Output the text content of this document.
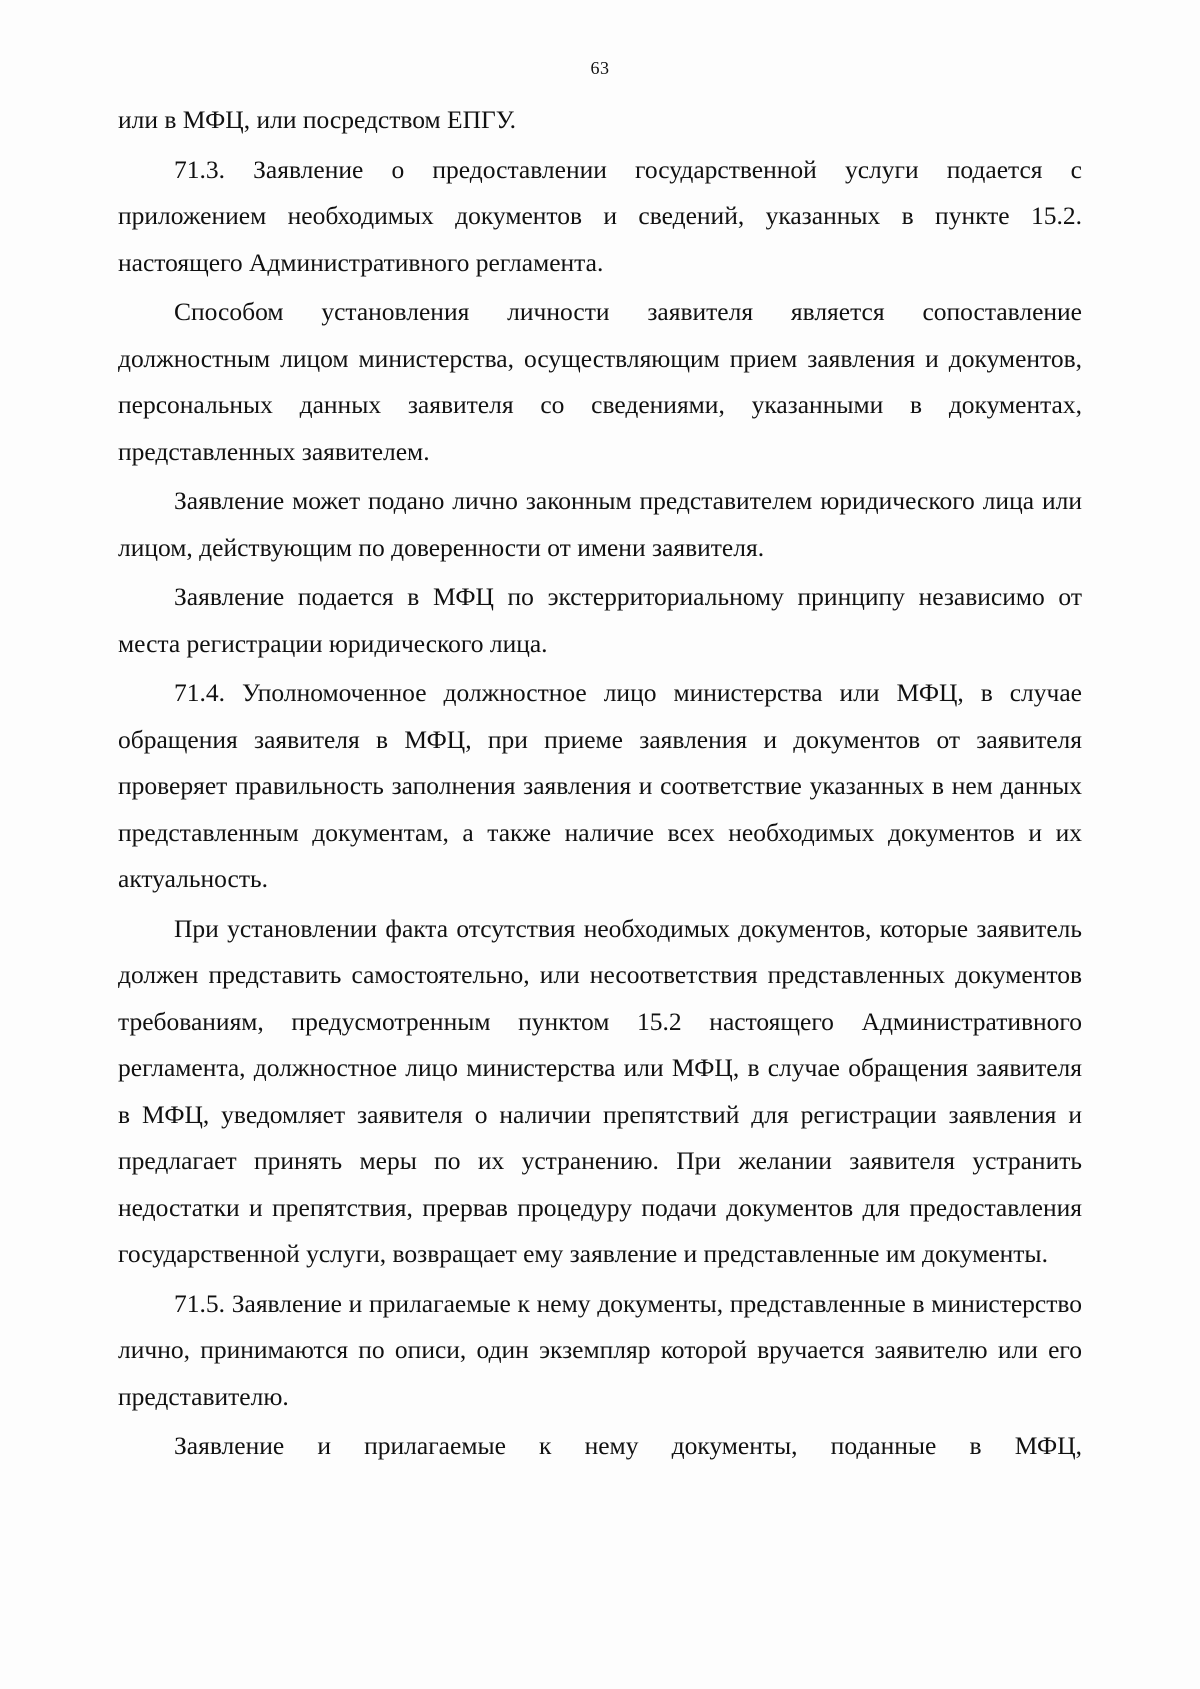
63

или в МФЦ, или посредством ЕПГУ.

71.3. Заявление о предоставлении государственной услуги подается с приложением необходимых документов и сведений, указанных в пункте 15.2. настоящего Административного регламента.

Способом установления личности заявителя является сопоставление должностным лицом министерства, осуществляющим прием заявления и документов, персональных данных заявителя со сведениями, указанными в документах, представленных заявителем.

Заявление может подано лично законным представителем юридического лица или лицом, действующим по доверенности от имени заявителя.

Заявление подается в МФЦ по экстерриториальному принципу независимо от места регистрации юридического лица.

71.4. Уполномоченное должностное лицо министерства или МФЦ, в случае обращения заявителя в МФЦ, при приеме заявления и документов от заявителя проверяет правильность заполнения заявления и соответствие указанных в нем данных представленным документам, а также наличие всех необходимых документов и их актуальность.

При установлении факта отсутствия необходимых документов, которые заявитель должен представить самостоятельно, или несоответствия представленных документов требованиям, предусмотренным пунктом 15.2 настоящего Административного регламента, должностное лицо министерства или МФЦ, в случае обращения заявителя в МФЦ, уведомляет заявителя о наличии препятствий для регистрации заявления и предлагает принять меры по их устранению. При желании заявителя устранить недостатки и препятствия, прервав процедуру подачи документов для предоставления государственной услуги, возвращает ему заявление и представленные им документы.

71.5. Заявление и прилагаемые к нему документы, представленные в министерство лично, принимаются по описи, один экземпляр которой вручается заявителю или его представителю.

Заявление и прилагаемые к нему документы, поданные в МФЦ,
